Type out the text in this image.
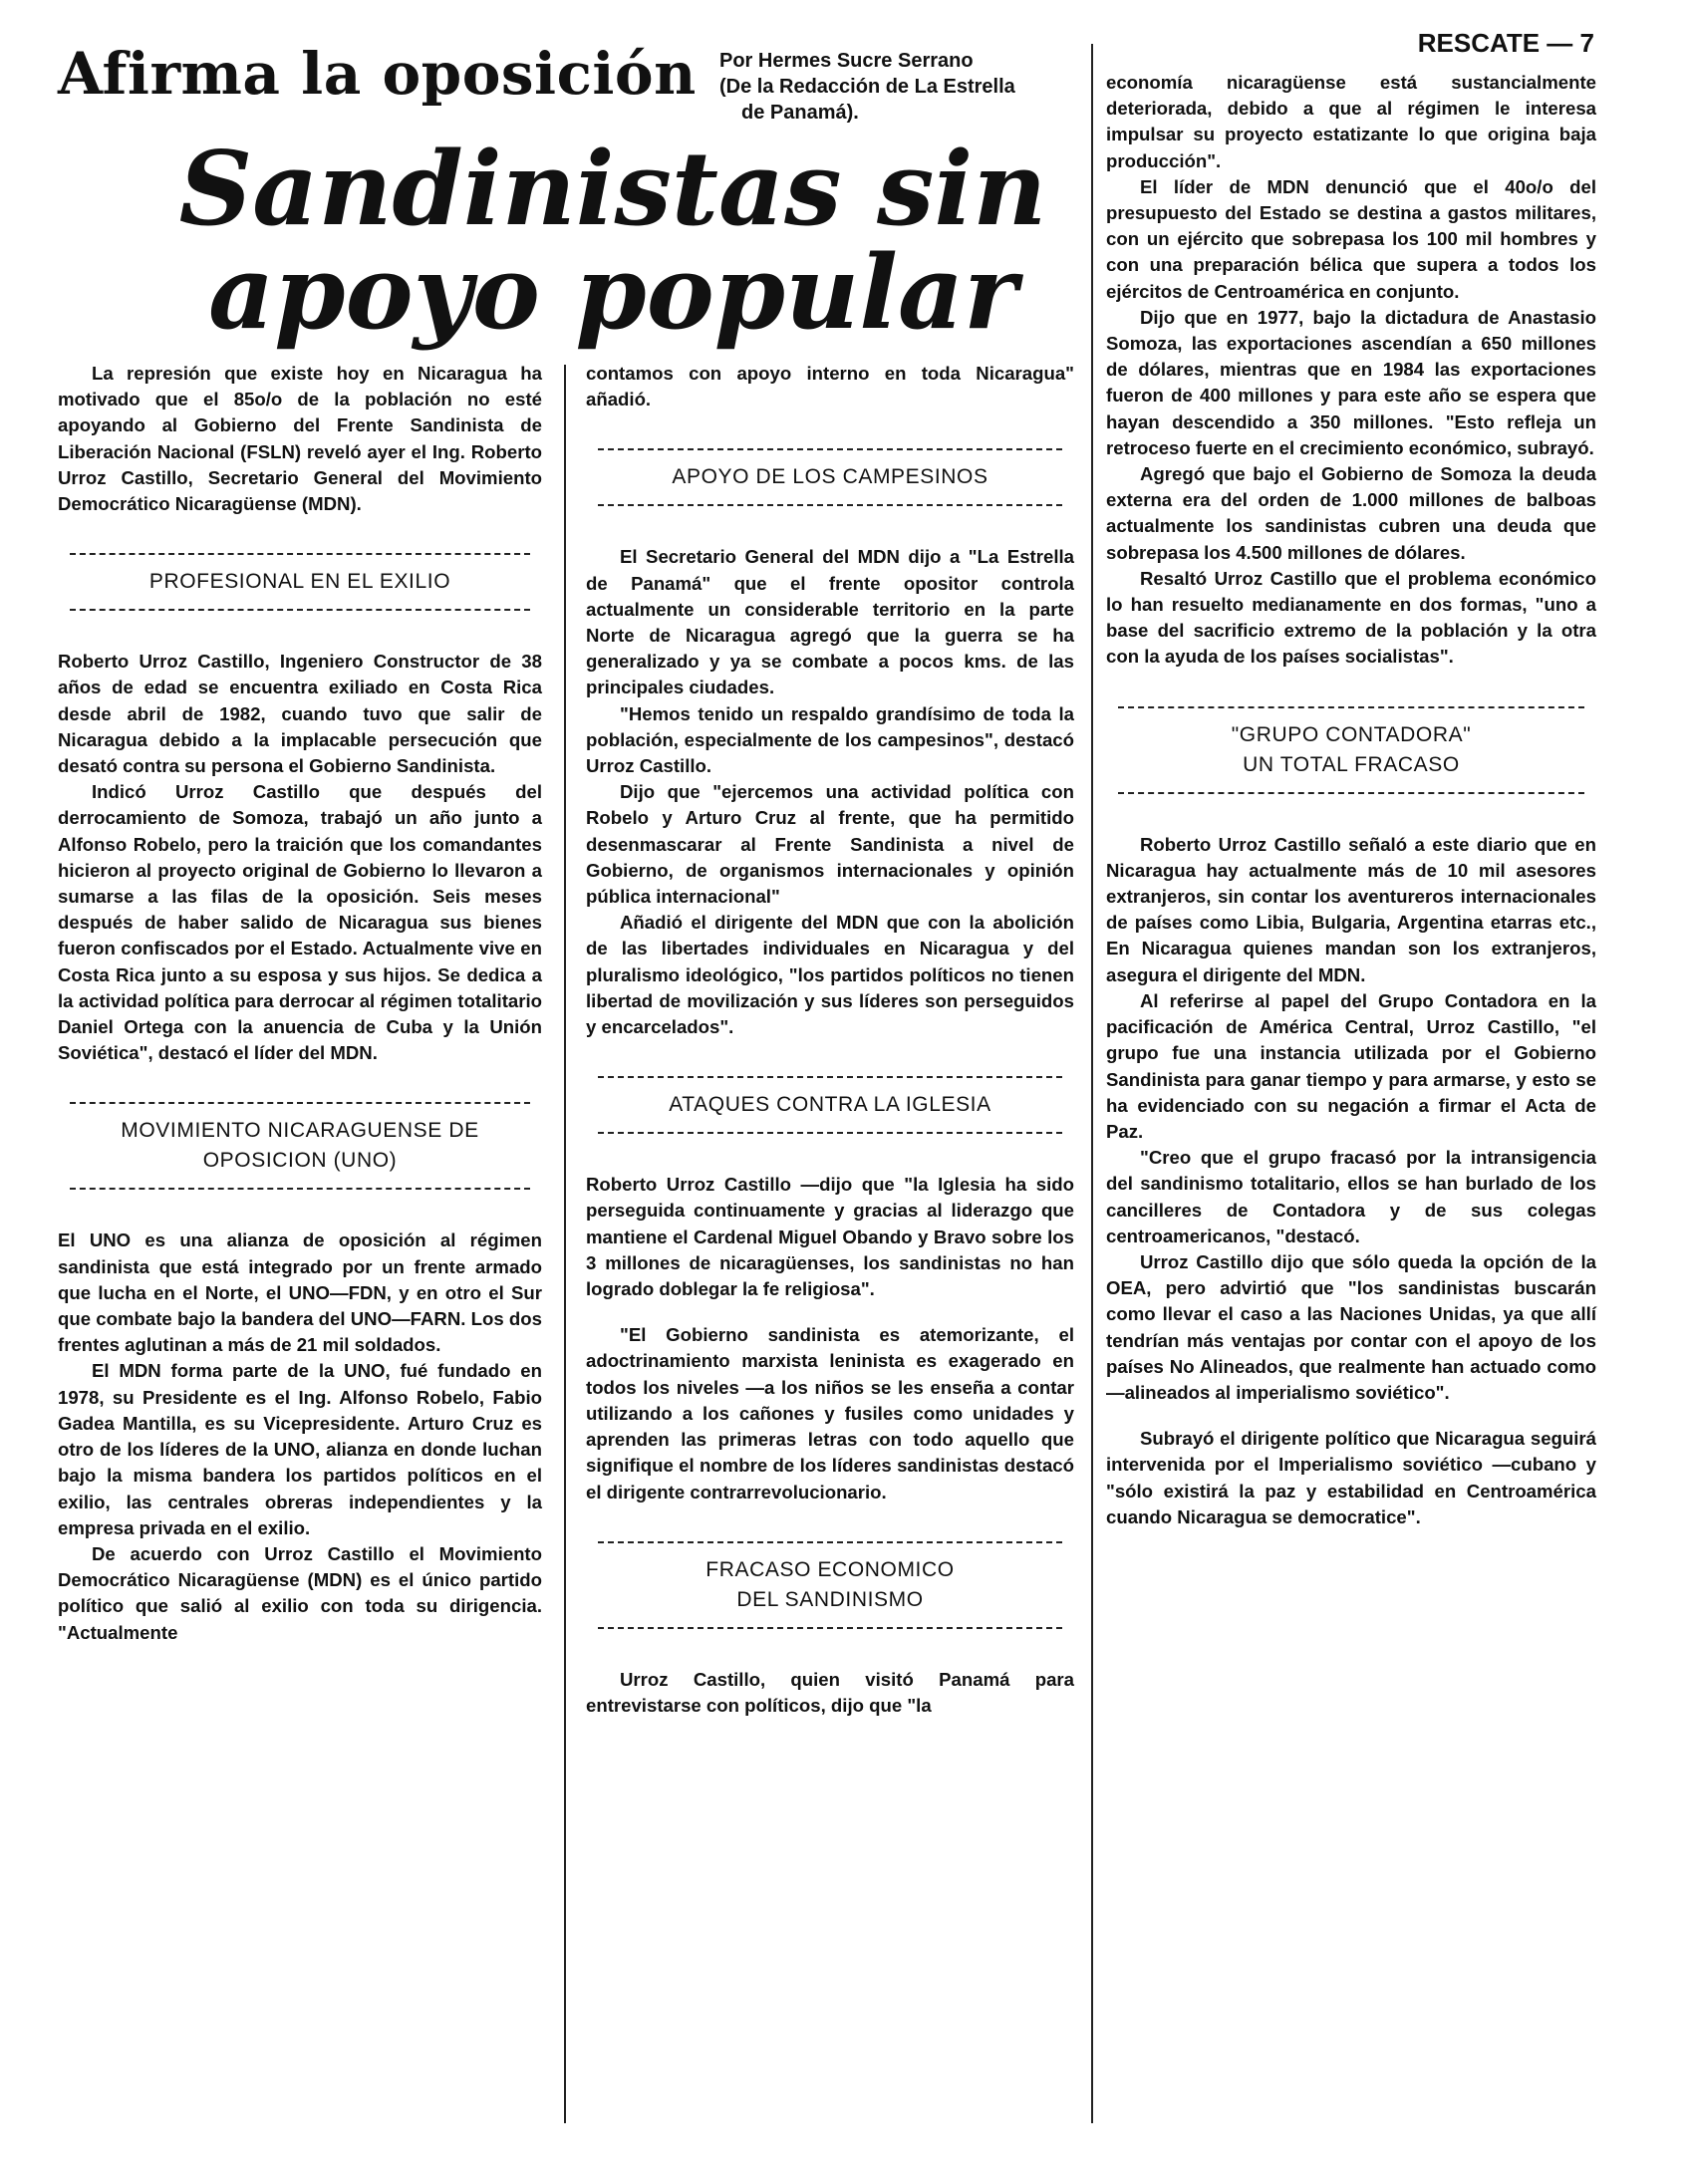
RESCATE — 7
Afirma la oposición Por Hermes Sucre Serrano
(De la Redacción de La Estrella
de Panamá).
Sandinistas sin
apoyo popular

La represión que existe hoy en Nicaragua ha motivado que el 85o/o de la población no esté apoyando al Gobierno del Frente Sandinista de Liberación Nacional (FSLN) reveló ayer el Ing. Roberto Urroz Castillo, Secretario General del Movimiento Democrático Nicaragüense (MDN).

PROFESIONAL EN EL EXILIO

Roberto Urroz Castillo, Ingeniero Constructor de 38 años de edad se encuentra exiliado en Costa Rica desde abril de 1982, cuando tuvo que salir de Nicaragua debido a la implacable persecución que desató contra su persona el Gobierno Sandinista.

Indicó Urroz Castillo que después del derrocamiento de Somoza, trabajó un año junto a Alfonso Robelo, pero la traición que los comandantes hicieron al proyecto original de Gobierno lo llevaron a sumarse a las filas de la oposición. Seis meses después de haber salido de Nicaragua sus bienes fueron confiscados por el Estado. Actualmente vive en Costa Rica junto a su esposa y sus hijos. Se dedica a la actividad política para derrocar al régimen totalitario Daniel Ortega con la anuencia de Cuba y la Unión Soviética", destacó el líder del MDN.

MOVIMIENTO NICARAGUENSE DE
OPOSICION (UNO)

El UNO es una alianza de oposición al régimen sandinista que está integrado por un frente armado que lucha en el Norte, el UNO—FDN, y en otro el Sur que combate bajo la bandera del UNO—FARN. Los dos frentes aglutinan a más de 21 mil soldados.

El MDN forma parte de la UNO, fué fundado en 1978, su Presidente es el Ing. Alfonso Robelo, Fabio Gadea Mantilla, es su Vicepresidente. Arturo Cruz es otro de los líderes de la UNO, alianza en donde luchan bajo la misma bandera los partidos políticos en el exilio, las centrales obreras independientes y la empresa privada en el exilio.

De acuerdo con Urroz Castillo el Movimiento Democrático Nicaragüense (MDN) es el único partido político que salió al exilio con toda su dirigencia. "Actualmente

contamos con apoyo interno en toda Nicaragua" añadió.

APOYO DE LOS CAMPESINOS

El Secretario General del MDN dijo a "La Estrella de Panamá" que el frente opositor controla actualmente un considerable territorio en la parte Norte de Nicaragua agregó que la guerra se ha generalizado y ya se combate a pocos kms. de las principales ciudades.

"Hemos tenido un respaldo grandísimo de toda la población, especialmente de los campesinos", destacó Urroz Castillo.

Dijo que "ejercemos una actividad política con Robelo y Arturo Cruz al frente, que ha permitido desenmascarar al Frente Sandinista a nivel de Gobierno, de organismos internacionales y opinión pública internacional"

Añadió el dirigente del MDN que con la abolición de las libertades individuales en Nicaragua y del pluralismo ideológico, "los partidos políticos no tienen libertad de movilización y sus líderes son perseguidos y encarcelados".

ATAQUES CONTRA LA IGLESIA

Roberto Urroz Castillo —dijo que "la Iglesia ha sido perseguida continuamente y gracias al liderazgo que mantiene el Cardenal Miguel Obando y Bravo sobre los 3 millones de nicaragüenses, los sandinistas no han logrado doblegar la fe religiosa".

"El Gobierno sandinista es atemorizante, el adoctrinamiento marxista leninista es exagerado en todos los niveles —a los niños se les enseña a contar utilizando a los cañones y fusiles como unidades y aprenden las primeras letras con todo aquello que signifique el nombre de los líderes sandinistas destacó el dirigente contrarrevolucionario.

FRACASO ECONOMICO
DEL SANDINISMO

Urroz Castillo, quien visitó Panamá para entrevistarse con políticos, dijo que "la

economía nicaragüense está sustancialmente deteriorada, debido a que al régimen le interesa impulsar su proyecto estatizante lo que origina baja producción".

El líder de MDN denunció que el 40o/o del presupuesto del Estado se destina a gastos militares, con un ejército que sobrepasa los 100 mil hombres y con una preparación bélica que supera a todos los ejércitos de Centroamérica en conjunto.

Dijo que en 1977, bajo la dictadura de Anastasio Somoza, las exportaciones ascendían a 650 millones de dólares, mientras que en 1984 las exportaciones fueron de 400 millones y para este año se espera que hayan descendido a 350 millones. "Esto refleja un retroceso fuerte en el crecimiento económico, subrayó.

Agregó que bajo el Gobierno de Somoza la deuda externa era del orden de 1.000 millones de balboas actualmente los sandinistas cubren una deuda que sobrepasa los 4.500 millones de dólares.

Resaltó Urroz Castillo que el problema económico lo han resuelto medianamente en dos formas, "uno a base del sacrificio extremo de la población y la otra con la ayuda de los países socialistas".

"GRUPO CONTADORA"
UN TOTAL FRACASO

Roberto Urroz Castillo señaló a este diario que en Nicaragua hay actualmente más de 10 mil asesores extranjeros, sin contar los aventureros internacionales de países como Libia, Bulgaria, Argentina etarras etc., En Nicaragua quienes mandan son los extranjeros, asegura el dirigente del MDN.

Al referirse al papel del Grupo Contadora en la pacificación de América Central, Urroz Castillo, "el grupo fue una instancia utilizada por el Gobierno Sandinista para ganar tiempo y para armarse, y esto se ha evidenciado con su negación a firmar el Acta de Paz.

"Creo que el grupo fracasó por la intransigencia del sandinismo totalitario, ellos se han burlado de los cancilleres de Contadora y de sus colegas centroamericanos, "destacó.

Urroz Castillo dijo que sólo queda la opción de la OEA, pero advirtió que "los sandinistas buscarán como llevar el caso a las Naciones Unidas, ya que allí tendrían más ventajas por contar con el apoyo de los países No Alineados, que realmente han actuado como —alineados al imperialismo soviético".

Subrayó el dirigente político que Nicaragua seguirá intervenida por el Imperialismo soviético —cubano y "sólo existirá la paz y estabilidad en Centroamérica cuando Nicaragua se democratice".
